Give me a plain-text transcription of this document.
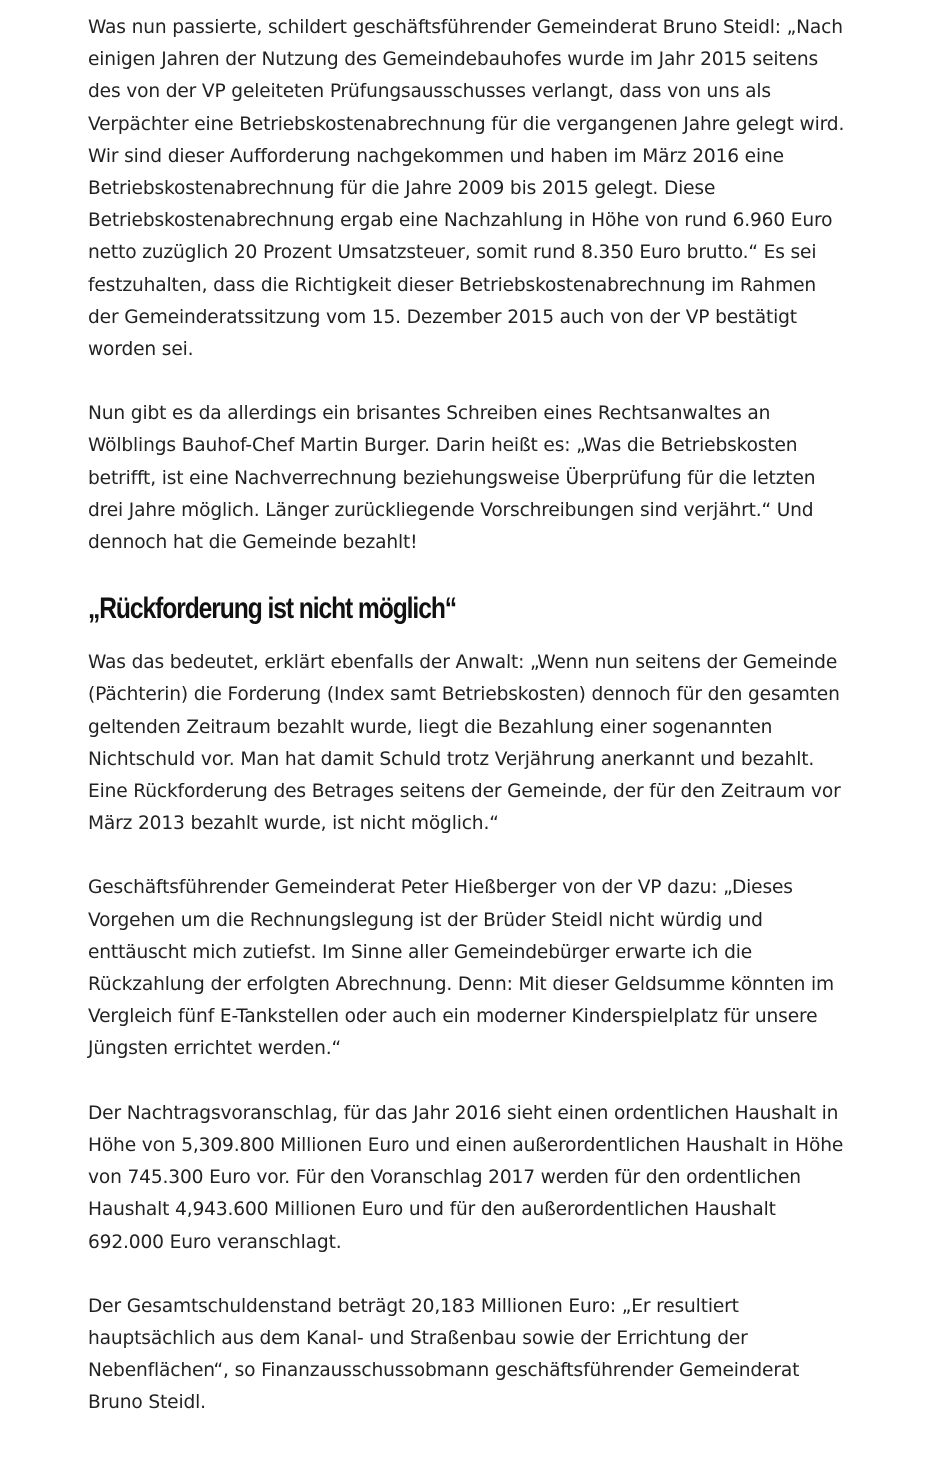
Was nun passierte, schildert geschäftsführender Gemeinderat Bruno Steidl: „Nach einigen Jahren der Nutzung des Gemeindebauhofes wurde im Jahr 2015 seitens des von der VP geleiteten Prüfungsausschusses verlangt, dass von uns als Verpächter eine Betriebskostenabrechnung für die vergangenen Jahre gelegt wird. Wir sind dieser Aufforderung nachgekommen und haben im März 2016 eine Betriebskostenabrechnung für die Jahre 2009 bis 2015 gelegt. Diese Betriebskostenabrechnung ergab eine Nachzahlung in Höhe von rund 6.960 Euro netto zuzüglich 20 Prozent Umsatzsteuer, somit rund 8.350 Euro brutto.“ Es sei festzuhalten, dass die Richtigkeit dieser Betriebskostenabrechnung im Rahmen der Gemeinderatssitzung vom 15. Dezember 2015 auch von der VP bestätigt worden sei.

Nun gibt es da allerdings ein brisantes Schreiben eines Rechtsanwaltes an Wölblings Bauhof-Chef Martin Burger. Darin heißt es: „Was die Betriebskosten betrifft, ist eine Nachverrechnung beziehungsweise Überprüfung für die letzten drei Jahre möglich. Länger zurückliegende Vorschreibungen sind verjährt.“ Und dennoch hat die Gemeinde bezahlt!

„Rückforderung ist nicht möglich“

Was das bedeutet, erklärt ebenfalls der Anwalt: „Wenn nun seitens der Gemeinde (Pächterin) die Forderung (Index samt Betriebskosten) dennoch für den gesamten geltenden Zeitraum bezahlt wurde, liegt die Bezahlung einer sogenannten Nichtschuld vor. Man hat damit Schuld trotz Verjährung anerkannt und bezahlt. Eine Rückforderung des Betrages seitens der Gemeinde, der für den Zeitraum vor März 2013 bezahlt wurde, ist nicht möglich.“

Geschäftsführender Gemeinderat Peter Hießberger von der VP dazu: „Dieses Vorgehen um die Rechnungslegung ist der Brüder Steidl nicht würdig und enttäuscht mich zutiefst. Im Sinne aller Gemeindebürger erwarte ich die Rückzahlung der erfolgten Abrechnung. Denn: Mit dieser Geldsumme könnten im Vergleich fünf E-Tankstellen oder auch ein moderner Kinderspielplatz für unsere Jüngsten errichtet werden.“

Der Nachtragsvoranschlag, für das Jahr 2016 sieht einen ordentlichen Haushalt in Höhe von 5,309.800 Millionen Euro und einen außerordentlichen Haushalt in Höhe von 745.300 Euro vor. Für den Voranschlag 2017 werden für den ordentlichen Haushalt 4,943.600 Millionen Euro und für den außerordentlichen Haushalt 692.000 Euro veranschlagt.

Der Gesamtschuldenstand beträgt 20,183 Millionen Euro: „Er resultiert hauptsächlich aus dem Kanal- und Straßenbau sowie der Errichtung der Nebenflächen“, so Finanzausschussobmann geschäftsführender Gemeinderat Bruno Steidl.
